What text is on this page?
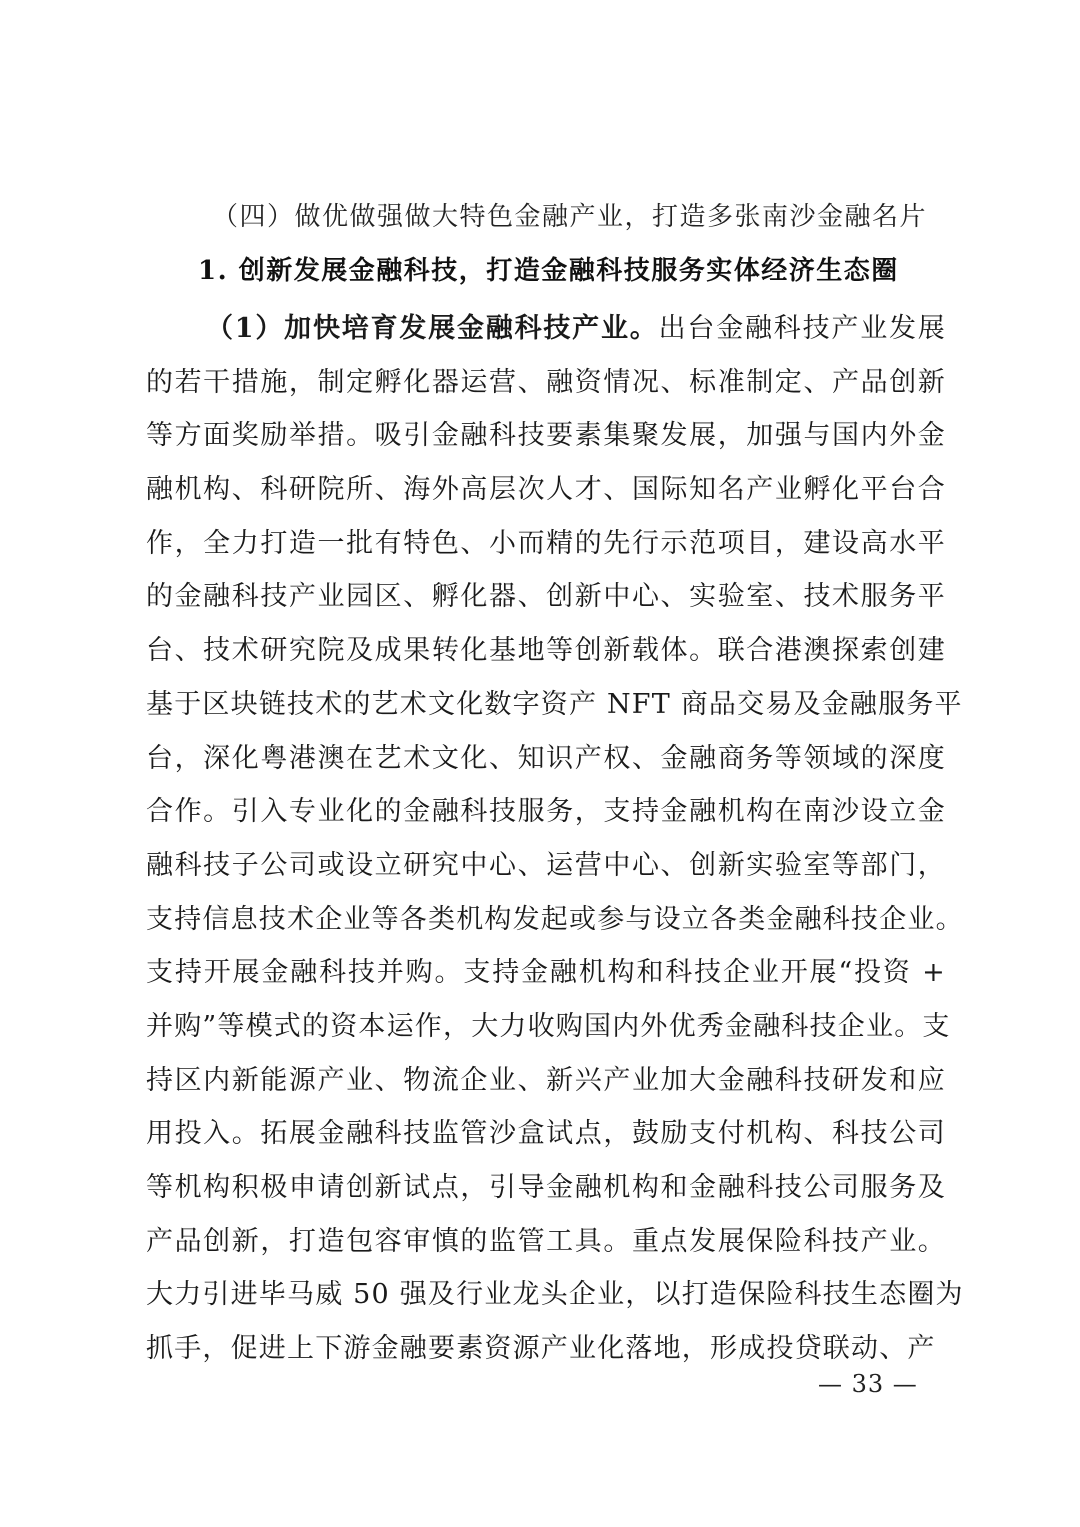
（四）做优做强做大特色金融产业，打造多张南沙金融名片
1. 创新发展金融科技，打造金融科技服务实体经济生态圈
（1）加快培育发展金融科技产业。出台金融科技产业发展
的若干措施，制定孵化器运营、融资情况、标准制定、产品创新
等方面奖励举措。吸引金融科技要素集聚发展，加强与国内外金
融机构、科研院所、海外高层次人才、国际知名产业孵化平台合
作，全力打造一批有特色、小而精的先行示范项目，建设高水平
的金融科技产业园区、孵化器、创新中心、实验室、技术服务平
台、技术研究院及成果转化基地等创新载体。联合港澳探索创建
基于区块链技术的艺术文化数字资产 NFT 商品交易及金融服务平
台，深化粤港澳在艺术文化、知识产权、金融商务等领域的深度
合作。引入专业化的金融科技服务，支持金融机构在南沙设立金
融科技子公司或设立研究中心、运营中心、创新实验室等部门，
支持信息技术企业等各类机构发起或参与设立各类金融科技企业。
支持开展金融科技并购。支持金融机构和科技企业开展“投资 +
并购”等模式的资本运作，大力收购国内外优秀金融科技企业。支
持区内新能源产业、物流企业、新兴产业加大金融科技研发和应
用投入。拓展金融科技监管沙盒试点，鼓励支付机构、科技公司
等机构积极申请创新试点，引导金融机构和金融科技公司服务及
产品创新，打造包容审慎的监管工具。重点发展保险科技产业。
大力引进毕马威 50 强及行业龙头企业，以打造保险科技生态圈为
抓手，促进上下游金融要素资源产业化落地，形成投贷联动、产
— 33 —
